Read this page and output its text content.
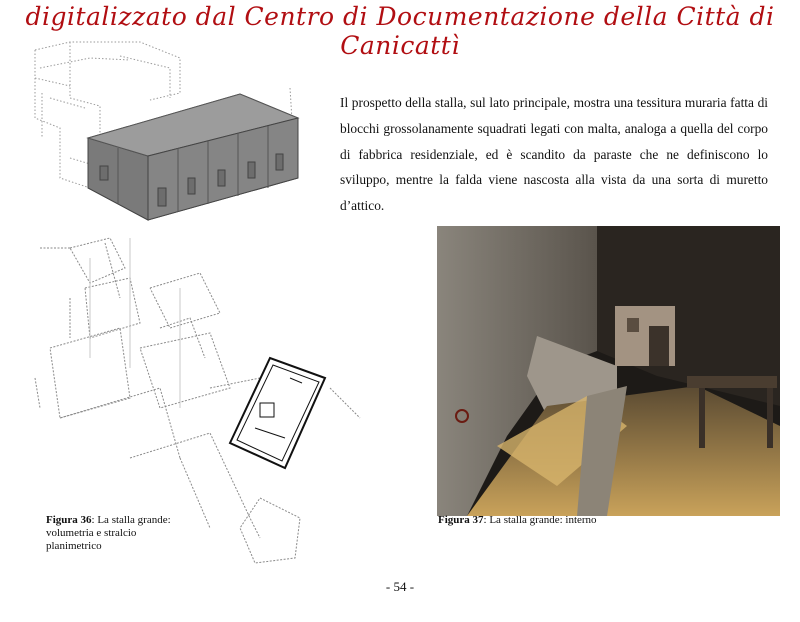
digitalizzato dal Centro di Documentazione della Città di Canicattì
Il prospetto della stalla, sul lato principale, mostra una tessitura muraria fatta di blocchi grossolanamente squadrati legati con malta, analoga a quella del corpo di fabbrica residenziale, ed è scandito da paraste che ne definiscono lo sviluppo, mentre la falda viene nascosta alla vista da una sorta di muretto d’attico.
Figura 36: La stalla grande: volumetria e stralcio planimetrico
Figura 37: La stalla grande: interno
- 54 -
